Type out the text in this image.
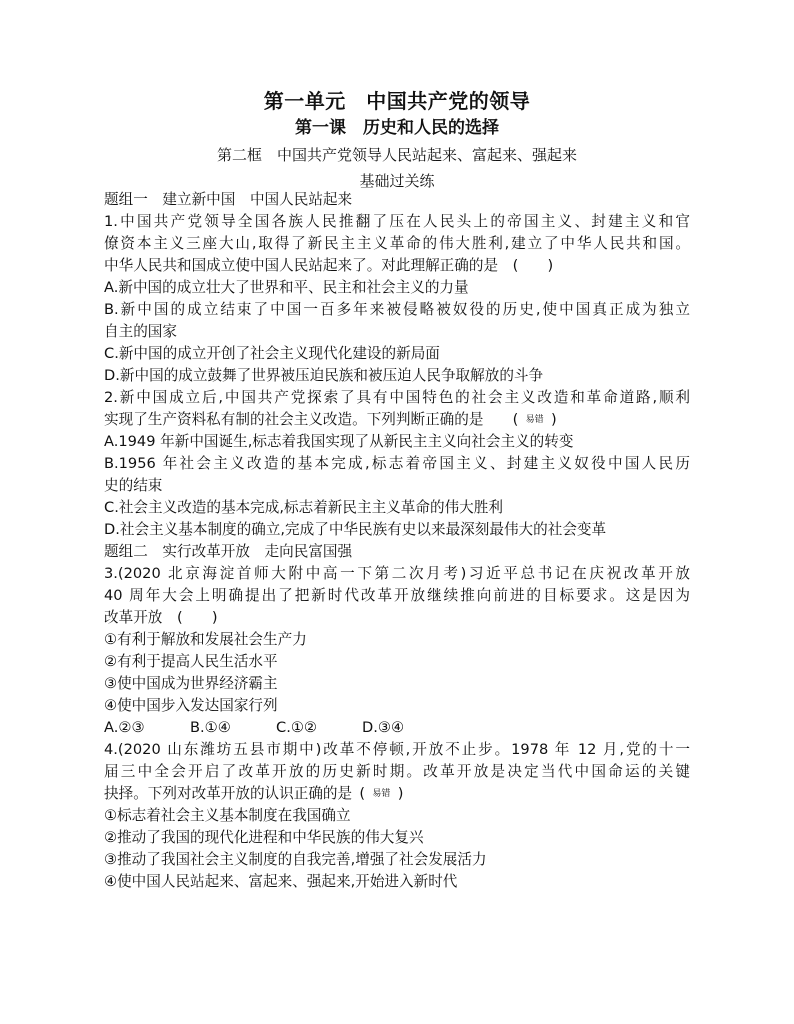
第一单元　中国共产党的领导
第一课　历史和人民的选择
第二框　中国共产党领导人民站起来、富起来、强起来
基础过关练
题组一　建立新中国　中国人民站起来
1.中国共产党领导全国各族人民推翻了压在人民头上的帝国主义、封建主义和官
僚资本主义三座大山,取得了新民主主义革命的伟大胜利,建立了中华人民共和国。
中华人民共和国成立使中国人民站起来了。对此理解正确的是　(　　)
A.新中国的成立壮大了世界和平、民主和社会主义的力量
B.新中国的成立结束了中国一百多年来被侵略被奴役的历史,使中国真正成为独立
自主的国家
C.新中国的成立开创了社会主义现代化建设的新局面
D.新中国的成立鼓舞了世界被压迫民族和被压迫人民争取解放的斗争
2.新中国成立后,中国共产党探索了具有中国特色的社会主义改造和革命道路,顺利
实现了生产资料私有制的社会主义改造。下列判断正确的是   (  易错  )
A.1949 年新中国诞生,标志着我国实现了从新民主主义向社会主义的转变
B.1956 年社会主义改造的基本完成,标志着帝国主义、封建主义奴役中国人民历
史的结束
C.社会主义改造的基本完成,标志着新民主主义革命的伟大胜利
D.社会主义基本制度的确立,完成了中华民族有史以来最深刻最伟大的社会变革
题组二　实行改革开放　走向民富国强
3.(2020 北京海淀首师大附中高一下第二次月考)习近平总书记在庆祝改革开放
40 周年大会上明确提出了把新时代改革开放继续推向前进的目标要求。这是因为
改革开放　(　　)
①有利于解放和发展社会生产力
②有利于提高人民生活水平
③使中国成为世界经济霸主
④使中国步入发达国家行列
A.②③	B.①④	C.①②	D.③④
4.(2020 山东潍坊五县市期中)改革不停顿,开放不止步。1978 年 12 月,党的十一
届三中全会开启了改革开放的历史新时期。改革开放是决定当代中国命运的关键
抉择。下列对改革开放的认识正确的是  (  易错  )
①标志着社会主义基本制度在我国确立
②推动了我国的现代化进程和中华民族的伟大复兴
③推动了我国社会主义制度的自我完善,增强了社会发展活力
④使中国人民站起来、富起来、强起来,开始进入新时代
